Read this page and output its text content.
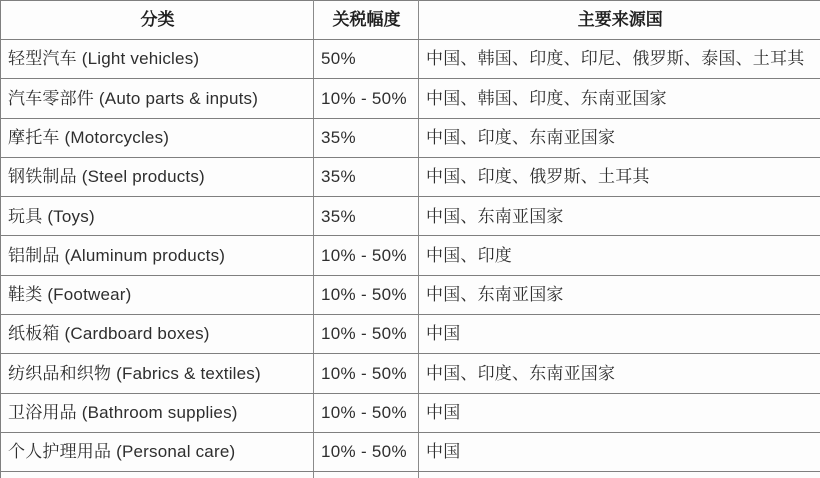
分类	关税幅度	主要来源国
轻型汽车 (Light vehicles)	50%	中国、韩国、印度、印尼、俄罗斯、泰国、土耳其
汽车零部件 (Auto parts & inputs)	10% - 50%	中国、韩国、印度、东南亚国家
摩托车 (Motorcycles)	35%	中国、印度、东南亚国家
钢铁制品 (Steel products)	35%	中国、印度、俄罗斯、土耳其
玩具 (Toys)	35%	中国、东南亚国家
铝制品 (Aluminum products)	10% - 50%	中国、印度
鞋类 (Footwear)	10% - 50%	中国、东南亚国家
纸板箱 (Cardboard boxes)	10% - 50%	中国
纺织品和织物 (Fabrics & textiles)	10% - 50%	中国、印度、东南亚国家
卫浴用品 (Bathroom supplies)	10% - 50%	中国
个人护理用品 (Personal care)	10% - 50%	中国
